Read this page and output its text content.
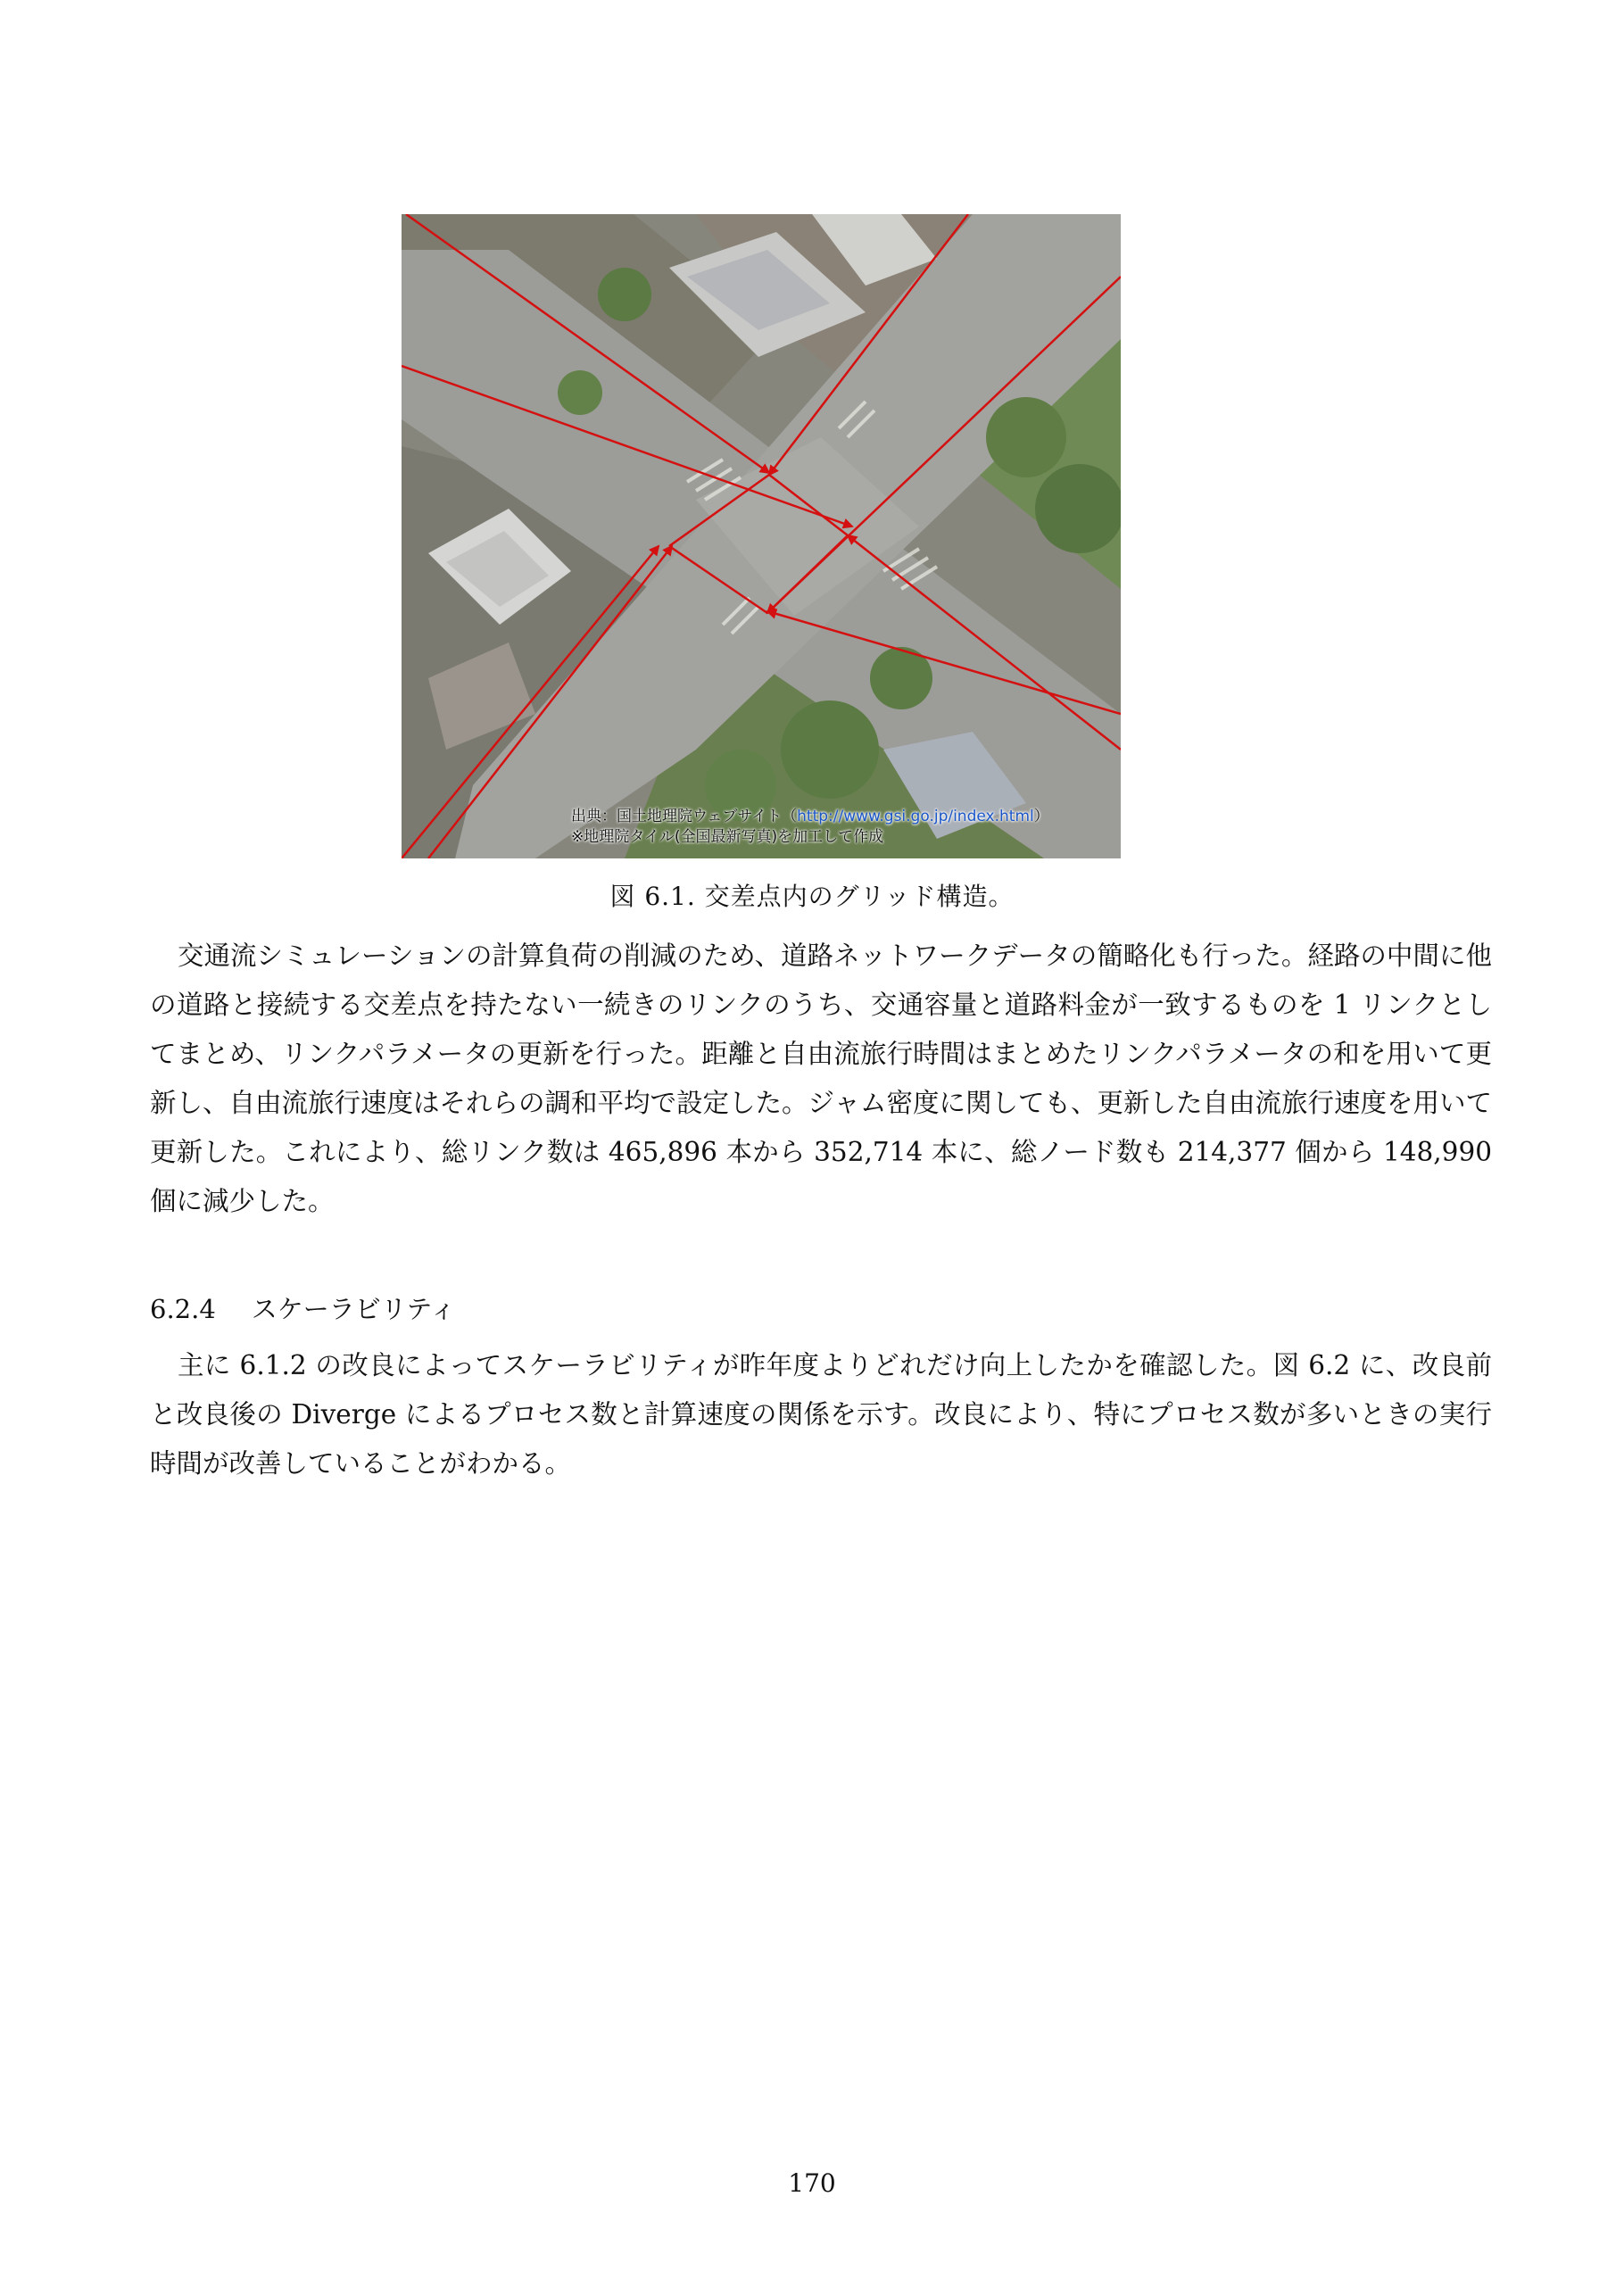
出典：国土地理院ウェブサイト（http://www.gsi.go.jp/index.html）
※地理院タイル(全国最新写真)を加工して作成
図 6.1. 交差点内のグリッド構造。

交通流シミュレーションの計算負荷の削減のため、道路ネットワークデータの簡略化も行った。経路の中間に他の道路と接続する交差点を持たない一続きのリンクのうち、交通容量と道路料金が一致するものを 1 リンクとしてまとめ、リンクパラメータの更新を行った。距離と自由流旅行時間はまとめたリンクパラメータの和を用いて更新し、自由流旅行速度はそれらの調和平均で設定した。ジャム密度に関しても、更新した自由流旅行速度を用いて更新した。これにより、総リンク数は 465,896 本から 352,714 本に、総ノード数も 214,377 個から 148,990 個に減少した。

6.2.4 スケーラビリティ

主に 6.1.2 の改良によってスケーラビリティが昨年度よりどれだけ向上したかを確認した。図 6.2 に、改良前と改良後の Diverge によるプロセス数と計算速度の関係を示す。改良により、特にプロセス数が多いときの実行時間が改善していることがわかる。

170
